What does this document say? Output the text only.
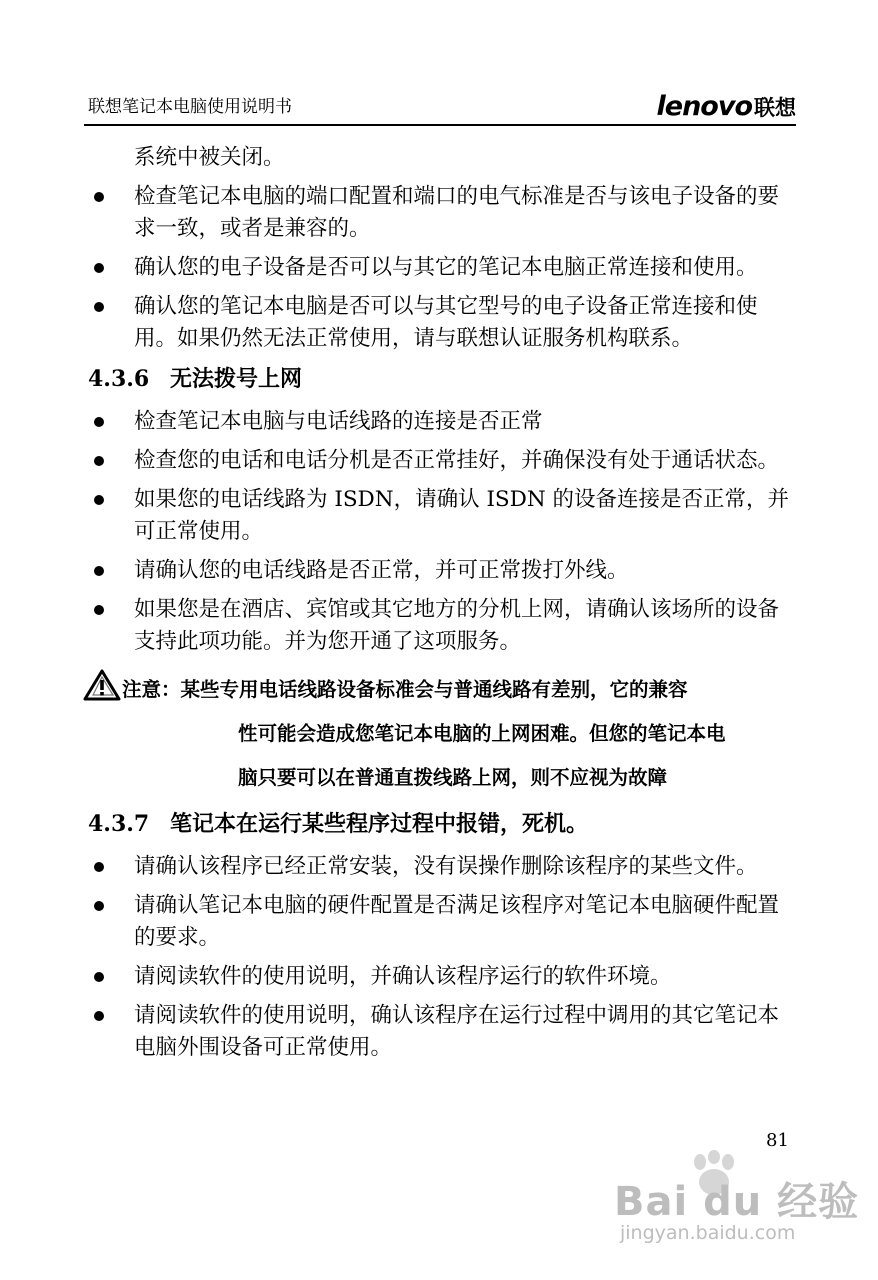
联想笔记本电脑使用说明书	lenovo联想
系统中被关闭。
检查笔记本电脑的端口配置和端口的电气标准是否与该电子设备的要求一致，或者是兼容的。
确认您的电子设备是否可以与其它的笔记本电脑正常连接和使用。
确认您的笔记本电脑是否可以与其它型号的电子设备正常连接和使用。如果仍然无法正常使用，请与联想认证服务机构联系。
4.3.6 无法拨号上网
检查笔记本电脑与电话线路的连接是否正常
检查您的电话和电话分机是否正常挂好，并确保没有处于通话状态。
如果您的电话线路为 ISDN，请确认 ISDN 的设备连接是否正常，并可正常使用。
请确认您的电话线路是否正常，并可正常拨打外线。
如果您是在酒店、宾馆或其它地方的分机上网，请确认该场所的设备支持此项功能。并为您开通了这项服务。
注意：某些专用电话线路设备标准会与普通线路有差别，它的兼容
性可能会造成您笔记本电脑的上网困难。但您的笔记本电
脑只要可以在普通直拨线路上网，则不应视为故障
4.3.7 笔记本在运行某些程序过程中报错，死机。
请确认该程序已经正常安装，没有误操作删除该程序的某些文件。
请确认笔记本电脑的硬件配置是否满足该程序对笔记本电脑硬件配置的要求。
请阅读软件的使用说明，并确认该程序运行的软件环境。
请阅读软件的使用说明，确认该程序在运行过程中调用的其它笔记本电脑外围设备可正常使用。
81
Bai du 经验
jingyan.baidu.com
